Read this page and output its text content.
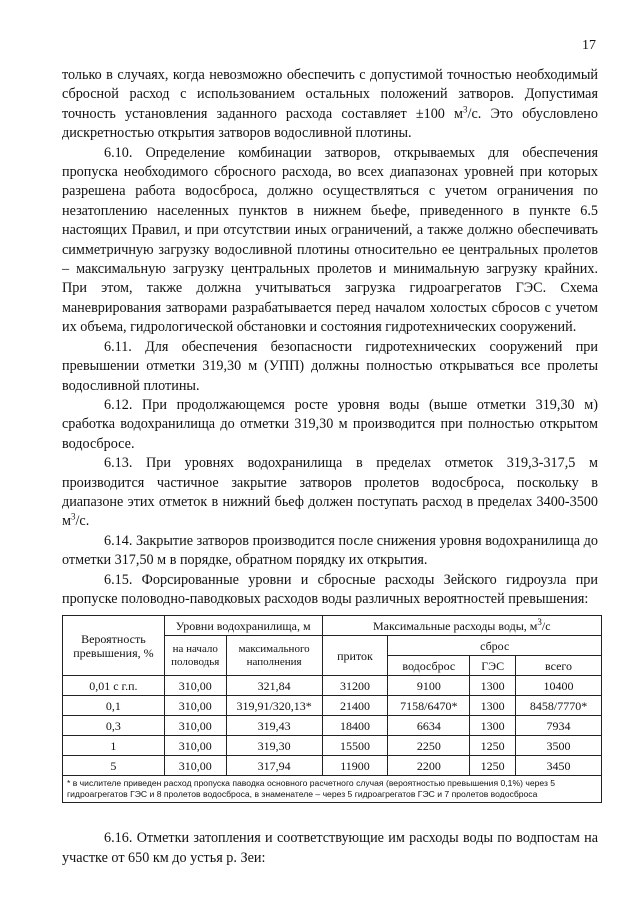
17

только в случаях, когда невозможно обеспечить с допустимой точностью необходимый сбросной расход с использованием остальных положений затворов. Допустимая точность установления заданного расхода составляет ±100 $м^3/с$. Это обусловлено дискретностью открытия затворов водосливной плотины.

6.10. Определение комбинации затворов, открываемых для обеспечения пропуска необходимого сбросного расхода, во всех диапазонах уровней при которых разрешена работа водосброса, должно осуществляться с учетом ограничения по незатоплению населенных пунктов в нижнем бьефе, приведенного в пункте 6.5 настоящих Правил, и при отсутствии иных ограничений, а также должно обеспечивать симметричную загрузку водосливной плотины относительно ее центральных пролетов – максимальную загрузку центральных пролетов и минимальную загрузку крайних. При этом, также должна учитываться загрузка гидроагрегатов ГЭС. Схема маневрирования затворами разрабатывается перед началом холостых сбросов с учетом их объема, гидрологической обстановки и состояния гидротехнических сооружений.

6.11. Для обеспечения безопасности гидротехнических сооружений при превышении отметки 319,30 м (УПП) должны полностью открываться все пролеты водосливной плотины.

6.12. При продолжающемся росте уровня воды (выше отметки 319,30 м) сработка водохранилища до отметки 319,30 м производится при полностью открытом водосбросе.

6.13. При уровнях водохранилища в пределах отметок 319,3-317,5 м производится частичное закрытие затворов пролетов водосброса, поскольку в диапазоне этих отметок в нижний бьеф должен поступать расход в пределах 3400-3500 $м^3/с$.

6.14. Закрытие затворов производится после снижения уровня водохранилища до отметки 317,50 м в порядке, обратном порядку их открытия.

6.15. Форсированные уровни и сбросные расходы Зейского гидроузла при пропуске половодно-паводковых расходов воды различных вероятностей превышения:

Вероятность превышения, %	Уровни водохранилища, м		Максимальные расходы воды, $м^3/с$			
	на начало половодья	максимального наполнения	приток	сброс		
				водосброс	ГЭС	всего
0,01 с г.п.	310,00	321,84	31200	9100	1300	10400
0,1	310,00	319,91/320,13*	21400	7158/6470*	1300	8458/7770*
0,3	310,00	319,43	18400	6634	1300	7934
1	310,00	319,30	15500	2250	1250	3500
5	310,00	317,94	11900	2200	1250	3450
* в числителе приведен расход пропуска паводка основного расчетного случая (вероятностью превышения 0,1%) через 5 гидроагрегатов ГЭС и 8 пролетов водосброса, в знаменателе – через 5 гидроагрегатов ГЭС и 7 пролетов водосброса						

6.16. Отметки затопления и соответствующие им расходы воды по водпостам на участке от 650 км до устья р. Зеи:
